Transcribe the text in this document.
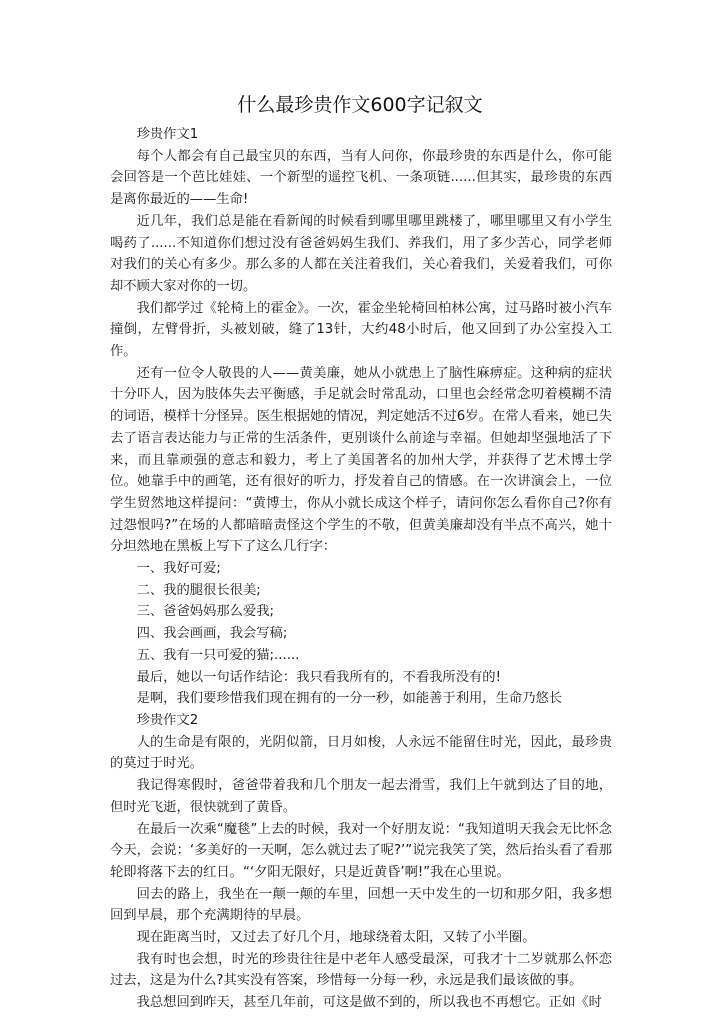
什么最珍贵作文600字记叙文

珍贵作文1

每个人都会有自己最宝贝的东西，当有人问你，你最珍贵的东西是什么，你可能会回答是一个芭比娃娃、一个新型的遥控飞机、一条项链......但其实，最珍贵的东西是离你最近的——生命!

近几年，我们总是能在看新闻的时候看到哪里哪里跳楼了，哪里哪里又有小学生喝药了......不知道你们想过没有爸爸妈妈生我们、养我们，用了多少苦心，同学老师对我们的关心有多少。那么多的人都在关注着我们，关心着我们，关爱着我们，可你却不顾大家对你的一切。

我们都学过《轮椅上的霍金》。一次，霍金坐轮椅回柏林公寓，过马路时被小汽车撞倒，左臂骨折，头被划破，缝了13针，大约48小时后，他又回到了办公室投入工作。

还有一位令人敬畏的人——黄美廉，她从小就患上了脑性麻痹症。这种病的症状十分吓人，因为肢体失去平衡感，手足就会时常乱动，口里也会经常念叨着模糊不清的词语，模样十分怪异。医生根据她的情况，判定她活不过6岁。在常人看来，她已失去了语言表达能力与正常的生活条件，更别谈什么前途与幸福。但她却坚强地活了下来，而且靠顽强的意志和毅力，考上了美国著名的加州大学，并获得了艺术博士学位。她靠手中的画笔，还有很好的听力，抒发着自己的情感。在一次讲演会上，一位学生贸然地这样提问：“黄博士，你从小就长成这个样子，请问你怎么看你自己?你有过怨恨吗?”在场的人都暗暗责怪这个学生的不敬，但黄美廉却没有半点不高兴，她十分坦然地在黑板上写下了这么几行字：

一、我好可爱;

二、我的腿很长很美;

三、爸爸妈妈那么爱我;

四、我会画画，我会写稿;

五、我有一只可爱的猫;......

最后，她以一句话作结论：我只看我所有的，不看我所没有的!

是啊，我们要珍惜我们现在拥有的一分一秒，如能善于利用，生命乃悠长

珍贵作文2

人的生命是有限的，光阴似箭，日月如梭，人永远不能留住时光，因此，最珍贵的莫过于时光。

我记得寒假时，爸爸带着我和几个朋友一起去滑雪，我们上午就到达了目的地，但时光飞逝，很快就到了黄昏。

在最后一次乘“魔毯”上去的时候，我对一个好朋友说：“我知道明天我会无比怀念今天，会说：‘多美好的一天啊，怎么就过去了呢?’”说完我笑了笑，然后抬头看了看那轮即将落下去的红日。“‘夕阳无限好，只是近黄昏’啊!”我在心里说。

回去的路上，我坐在一颠一颠的车里，回想一天中发生的一切和那夕阳，我多想回到早晨，那个充满期待的早晨。

现在距离当时，又过去了好几个月，地球绕着太阳，又转了小半圈。

我有时也会想，时光的珍贵往往是中老年人感受最深，可我才十二岁就那么怀恋过去，这是为什么?其实没有答案，珍惜每一分每一秒，永远是我们最该做的事。

我总想回到昨天，甚至几年前，可这是做不到的，所以我也不再想它。正如《时
